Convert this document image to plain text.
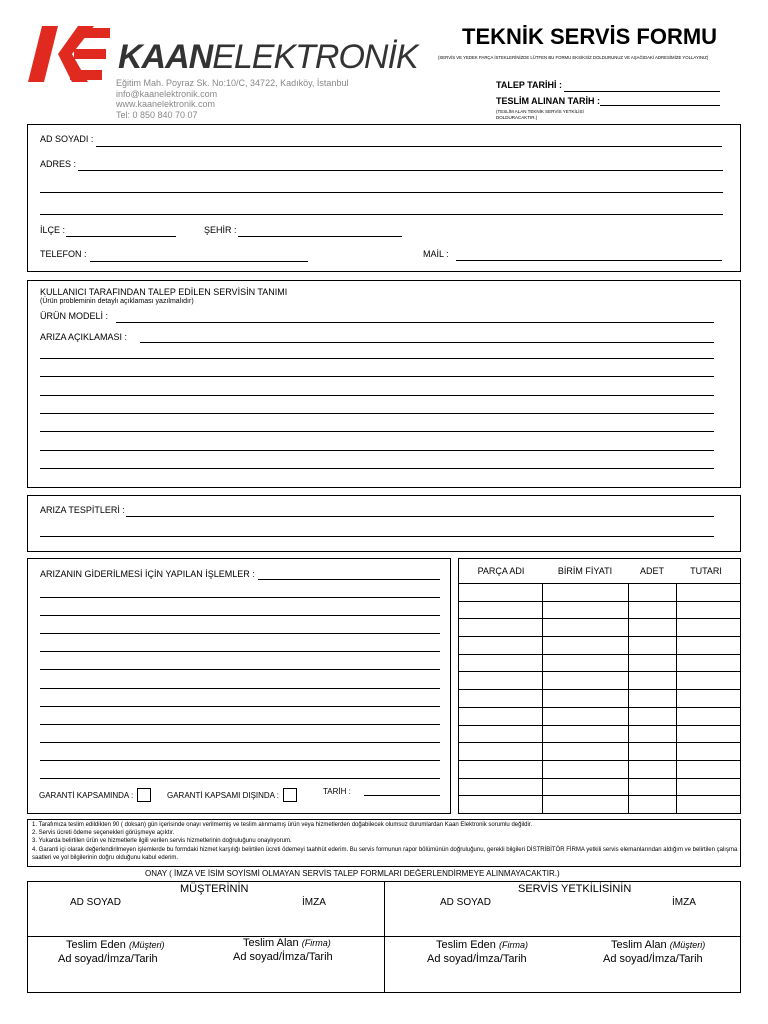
KAANELEKTRONİK
Eğitim Mah. Poyraz Sk. No:10/C, 34722, Kadıköy, İstanbul
info@kaanelektronik.com
www.kaanelektronik.com
Tel: 0 850 840 70 07
TEKNİK SERVİS FORMU
(SERVİS VE YEDEK PARÇA İSTEKLERİNİZDE LÜTFEN BU FORMU EKSİKSİZ DOLDURUNUZ VE AŞAĞIDAKİ ADRESİMİZE YOLLAYINIZ)
TALEP TARİHİ :
TESLİM ALINAN TARİH :
(TESLİM ALAN TEKNİK SERVİS YETKİLİSİ DOLDURACAKTIR.)
AD SOYADI :
ADRES :
İLÇE :	ŞEHİR :
TELEFON :	MAİL :
KULLANICI TARAFINDAN TALEP EDİLEN SERVİSİN TANIMI
(Ürün probleminin detaylı açıklaması yazılmalıdır)
ÜRÜN MODELİ :
ARIZA AÇIKLAMASI :
ARIZA TESPİTLERİ :
ARIZANIN GİDERİLMESİ İÇİN YAPILAN İŞLEMLER :
GARANTİ KAPSAMINDA :	GARANTİ KAPSAMI DIŞINDA :	TARİH :
PARÇA ADI	BİRİM FİYATI	ADET	TUTARI
1. Tarafımıza teslim edildikten 90 ( doksan) gün içerisinde onayı verilmemiş ve teslim alınmamış ürün veya hizmetlerden doğabilecek olumsuz durumlardan Kaan Elektronik sorumlu değildir.
2. Servis ücreti ödeme seçenekleri görüşmeye açıktır.
3. Yukarda belirtilen ürün ve hizmetlerle ilgili verilen servis hizmetlerinin doğruluğunu onaylıyorum.
4. Garanti içi olarak değerlendirilmeyen işlemlerde bu formdaki hizmet karşılığı belirtilen ücreti ödemeyi taahhüt ederim. Bu servis formunun rapor bölümünün doğruluğunu, gerekli bilgileri DİSTRİBİTÖR FİRMA yetkili servis elemanlarından aldığım ve belirtilen çalışma saatleri ve yol bilgilerinin doğru olduğunu kabul ederim.
ONAY ( İMZA VE İSİM SOYİSMİ OLMAYAN SERVİS TALEP FORMLARI DEĞERLENDİRMEYE ALINMAYACAKTIR.)
MÜŞTERİNİN	SERVİS YETKİLİSİNİN
AD SOYAD	İMZA	AD SOYAD	İMZA
Teslim Eden (Müşteri)
Ad soyad/İmza/Tarih
Teslim Alan (Firma)
Ad soyad/İmza/Tarih
Teslim Eden (Firma)
Ad soyad/İmza/Tarih
Teslim Alan (Müşteri)
Ad soyad/İmza/Tarih
